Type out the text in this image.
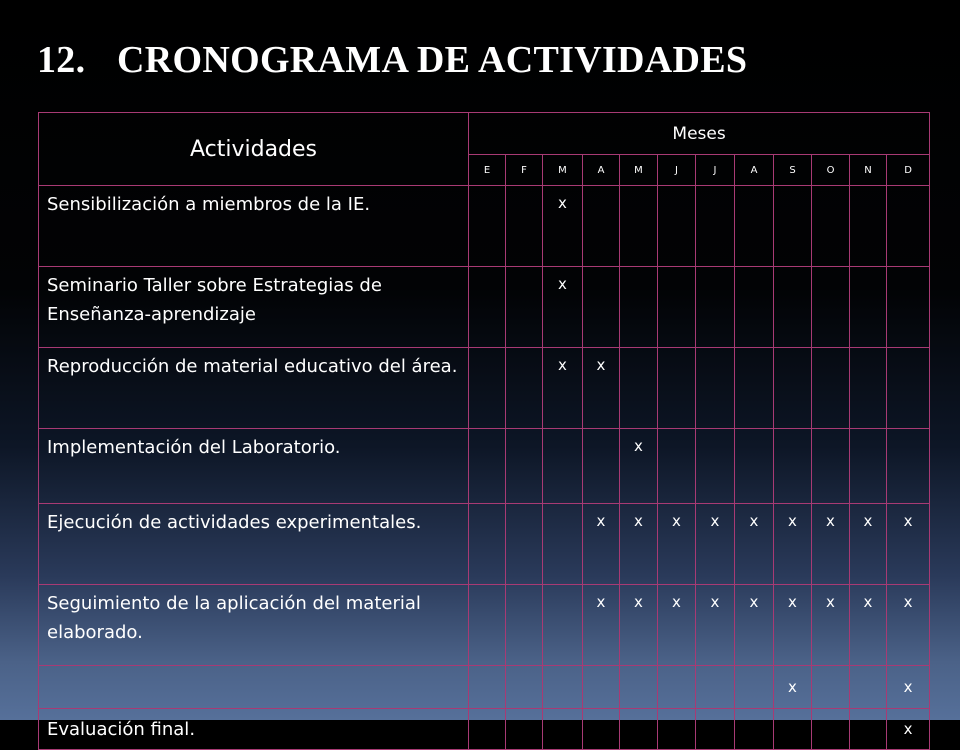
12. CRONOGRAMA DE ACTIVIDADES
Actividades	Meses											
	E	F	M	A	M	J	J	A	S	O	N	D
Sensibilización a miembros de la IE.			x									
Seminario Taller sobre Estrategias de Enseñanza-aprendizaje			x									
Reproducción de material educativo del área.			x	x								
Implementación del Laboratorio.					x							
Ejecución de actividades experimentales.				x	x	x	x	x	x	x	x	x
Seguimiento de la aplicación del material elaborado.				x	x	x	x	x	x	x	x	x
									x			x
Evaluación final.												x
